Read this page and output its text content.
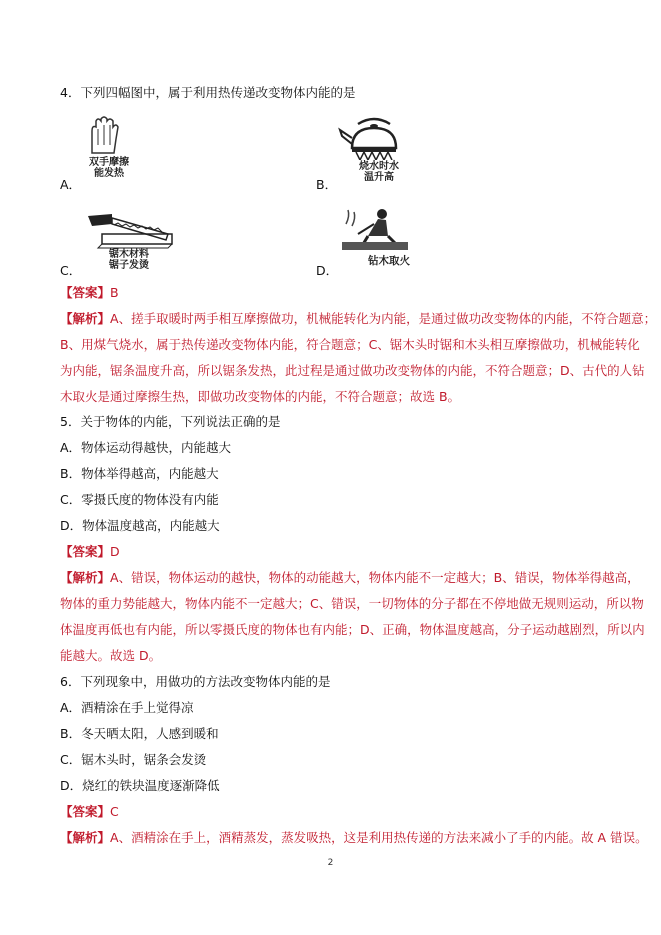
4．下列四幅图中，属于利用热传递改变物体内能的是
双手摩擦
能发热
A．
烧水时水
温升高
B．
锯木材料
锯子发烫
C．
钻木取火
D．
【答案】B
【解析】A、搓手取暖时两手相互摩擦做功，机械能转化为内能，是通过做功改变物体的内能，不符合题意；
B、用煤气烧水，属于热传递改变物体内能，符合题意；C、锯木头时锯和木头相互摩擦做功，机械能转化
为内能，锯条温度升高，所以锯条发热，此过程是通过做功改变物体的内能，不符合题意；D、古代的人钻
木取火是通过摩擦生热，即做功改变物体的内能，不符合题意；故选 B。
5．关于物体的内能，下列说法正确的是
A．物体运动得越快，内能越大
B．物体举得越高，内能越大
C．零摄氏度的物体没有内能
D．物体温度越高，内能越大
【答案】D
【解析】A、错误，物体运动的越快，物体的动能越大，物体内能不一定越大；B、错误，物体举得越高，
物体的重力势能越大，物体内能不一定越大；C、错误，一切物体的分子都在不停地做无规则运动，所以物
体温度再低也有内能，所以零摄氏度的物体也有内能；D、正确，物体温度越高，分子运动越剧烈，所以内
能越大。故选 D。
6．下列现象中，用做功的方法改变物体内能的是
A．酒精涂在手上觉得凉
B．冬天晒太阳，人感到暖和
C．锯木头时，锯条会发烫
D．烧红的铁块温度逐渐降低
【答案】C
【解析】A、酒精涂在手上，酒精蒸发，蒸发吸热，这是利用热传递的方法来减小了手的内能。故 A 错误。
2
